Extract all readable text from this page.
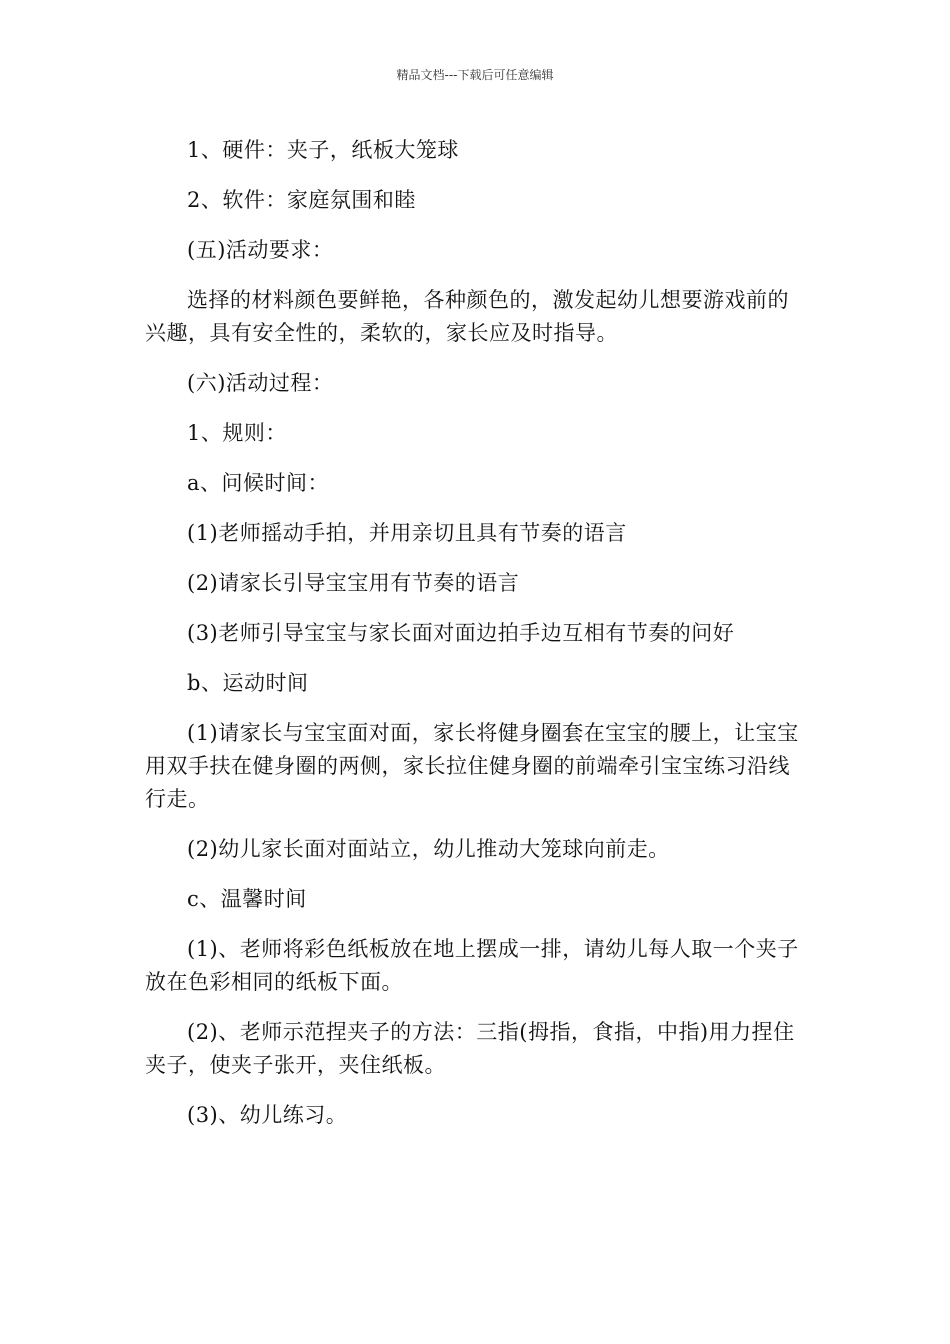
精品文档---下载后可任意编辑

1、硬件：夹子，纸板大笼球

2、软件：家庭氛围和睦

(五)活动要求：

选择的材料颜色要鲜艳，各种颜色的，激发起幼儿想要游戏前的兴趣，具有安全性的，柔软的，家长应及时指导。

(六)活动过程：

1、规则：

a、问候时间：

(1)老师摇动手拍，并用亲切且具有节奏的语言

(2)请家长引导宝宝用有节奏的语言

(3)老师引导宝宝与家长面对面边拍手边互相有节奏的问好

b、运动时间

(1)请家长与宝宝面对面，家长将健身圈套在宝宝的腰上，让宝宝用双手扶在健身圈的两侧，家长拉住健身圈的前端牵引宝宝练习沿线行走。

(2)幼儿家长面对面站立，幼儿推动大笼球向前走。

c、温馨时间

(1)、老师将彩色纸板放在地上摆成一排，请幼儿每人取一个夹子放在色彩相同的纸板下面。

(2)、老师示范捏夹子的方法：三指(拇指，食指，中指)用力捏住夹子，使夹子张开，夹住纸板。

(3)、幼儿练习。
